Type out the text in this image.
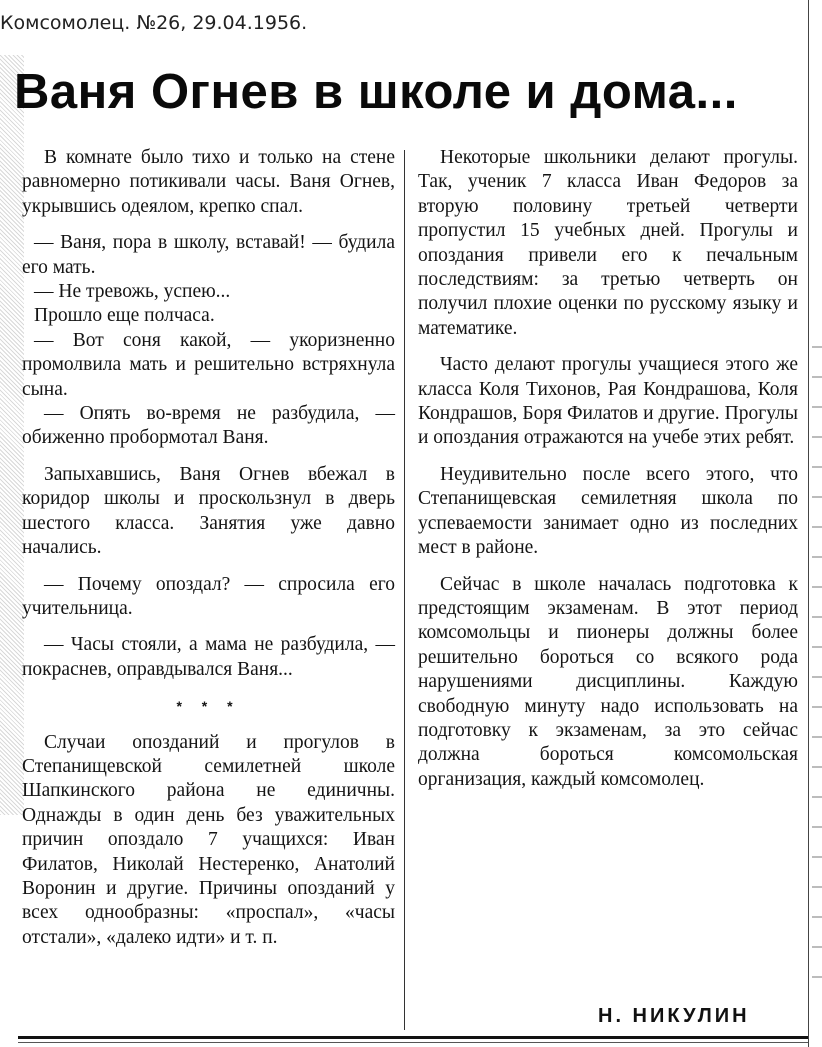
Комсомолец. №26, 29.04.1956.
Ваня Огнев в школе и дома...

В комнате было тихо и только на стене равномерно потикивали часы. Ваня Огнев, укрывшись одеялом, крепко спал.

— Ваня, пора в школу, вставай! — будила его мать.

— Не тревожь, успею...

Прошло еще полчаса.

— Вот соня какой, — укоризненно промолвила мать и решительно встряхнула сына.

— Опять во-время не разбудила, — обиженно пробормотал Ваня.

Запыхавшись, Ваня Огнев вбежал в коридор школы и проскользнул в дверь шестого класса. Занятия уже давно начались.

— Почему опоздал? — спросила его учительница.

— Часы стояли, а мама не разбудила, — покраснев, оправдывался Ваня...

* * *

Случаи опозданий и прогулов в Степанищевской семилетней школе Шапкинского района не единичны. Однажды в один день без уважительных причин опоздало 7 учащихся: Иван Филатов, Николай Нестеренко, Анатолий Воронин и другие. Причины опозданий у всех однообразны: «проспал», «часы отстали», «далеко идти» и т. п.

Некоторые школьники делают прогулы. Так, ученик 7 класса Иван Федоров за вторую половину третьей четверти пропустил 15 учебных дней. Прогулы и опоздания привели его к печальным последствиям: за третью четверть он получил плохие оценки по русскому языку и математике.

Часто делают прогулы учащиеся этого же класса Коля Тихонов, Рая Кондрашова, Коля Кондрашов, Боря Филатов и другие. Прогулы и опоздания отражаются на учебе этих ребят.

Неудивительно после всего этого, что Степанищевская семилетняя школа по успеваемости занимает одно из последних мест в районе.

Сейчас в школе началась подготовка к предстоящим экзаменам. В этот период комсомольцы и пионеры должны более решительно бороться со всякого рода нарушениями дисциплины. Каждую свободную минуту надо использовать на подготовку к экзаменам, за это сейчас должна бороться комсомольская организация, каждый комсомолец.

Н. НИКУЛИН
